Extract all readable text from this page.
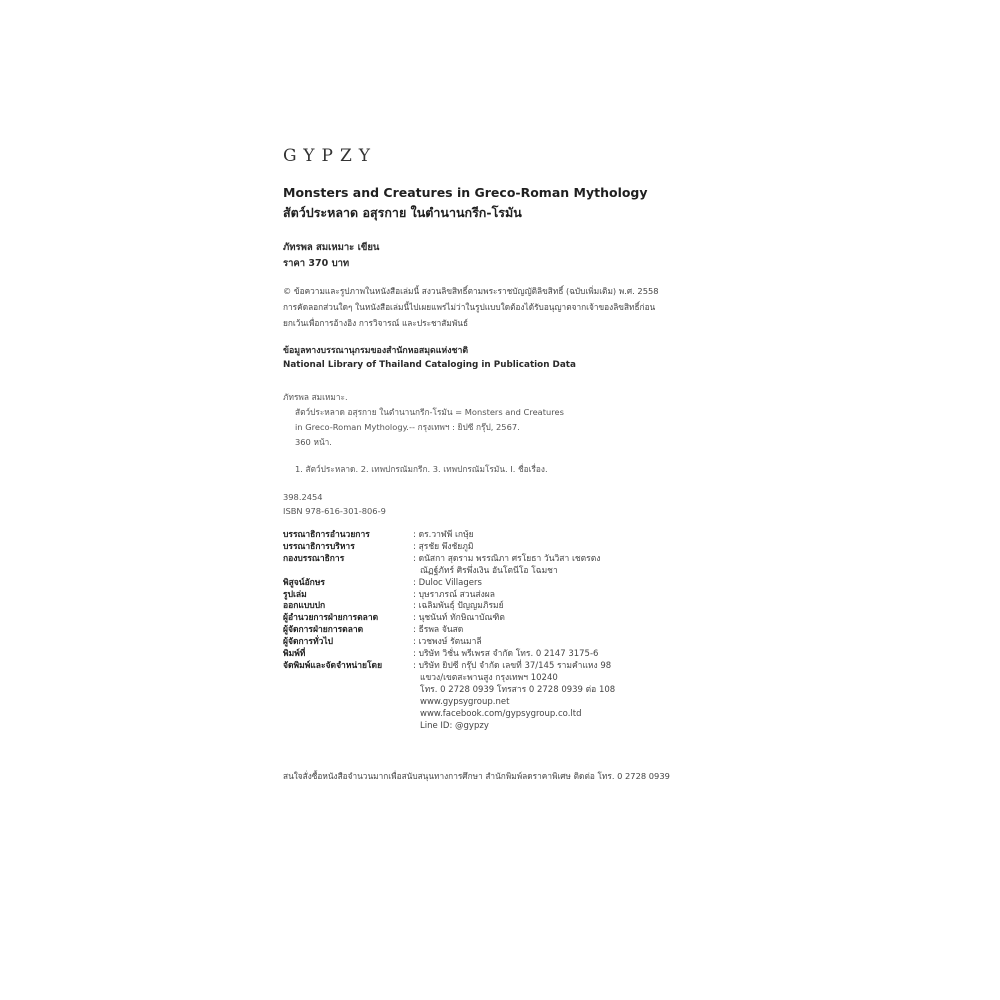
GYPZY
Monsters and Creatures in Greco-Roman Mythology
สัตว์ประหลาด อสุรกาย ในตำนานกรีก-โรมัน
ภัทรพล สมเหมาะ เขียน
ราคา 370 บาท
© ข้อความและรูปภาพในหนังสือเล่มนี้ สงวนลิขสิทธิ์ตามพระราชบัญญัติลิขสิทธิ์ (ฉบับเพิ่มเติม) พ.ศ. 2558
การคัดลอกส่วนใดๆ ในหนังสือเล่มนี้ไปเผยแพร่ไม่ว่าในรูปแบบใดต้องได้รับอนุญาตจากเจ้าของลิขสิทธิ์ก่อน
ยกเว้นเพื่อการอ้างอิง การวิจารณ์ และประชาสัมพันธ์
ข้อมูลทางบรรณานุกรมของสำนักหอสมุดแห่งชาติ
National Library of Thailand Cataloging in Publication Data
ภัทรพล สมเหมาะ.
สัตว์ประหลาด อสุรกาย ในตำนานกรีก-โรมัน = Monsters and Creatures
in Greco-Roman Mythology.-- กรุงเทพฯ : ยิปซี กรุ๊ป, 2567.
360 หน้า.
1. สัตว์ประหลาด. 2. เทพปกรณัมกรีก. 3. เทพปกรณัมโรมัน. I. ชื่อเรื่อง.
398.2454
ISBN 978-616-301-806-9
บรรณาธิการอำนวยการ	: ดร.วาฬพี เกษุ้ย
บรรณาธิการบริหาร	: สุรชัย พึงชัยภูมิ
กองบรรณาธิการ	: ดนัสกา สุดราม พรรณิภา ศรโยธา วันวิสา เชตรตง
ณัฏฐ์ภัทร์ ศิรพึ่งเงิน อันโตนีโอ โฉมชา
พิสูจน์อักษร	: Duloc Villagers
รูปเล่ม	: บุษราภรณ์ สวนส่งผล
ออกแบบปก	: เฉลิมพันธุ์ ปัญญมภิรมย์
ผู้อำนวยการฝ่ายการตลาด	: นุชนันท์ ทักษิณาบัณฑิต
ผู้จัดการฝ่ายการตลาด	: ธีรพล จันสด
ผู้จัดการทั่วไป	: เวชพงษ์ รัตนมาลี
พิมพ์ที่	: บริษัท วิชั่น พรีเพรส จำกัด โทร. 0 2147 3175-6
จัดพิมพ์และจัดจำหน่ายโดย	: บริษัท ยิปซี กรุ๊ป จำกัด เลขที่ 37/145 รามคำแหง 98
แขวง/เขตสะพานสูง กรุงเทพฯ 10240
โทร. 0 2728 0939 โทรสาร 0 2728 0939 ต่อ 108
www.gypsygroup.net
www.facebook.com/gypsygroup.co.ltd
Line ID: @gypzy
สนใจสั่งซื้อหนังสือจำนวนมากเพื่อสนับสนุนทางการศึกษา สำนักพิมพ์ลดราคาพิเศษ ติดต่อ โทร. 0 2728 0939
